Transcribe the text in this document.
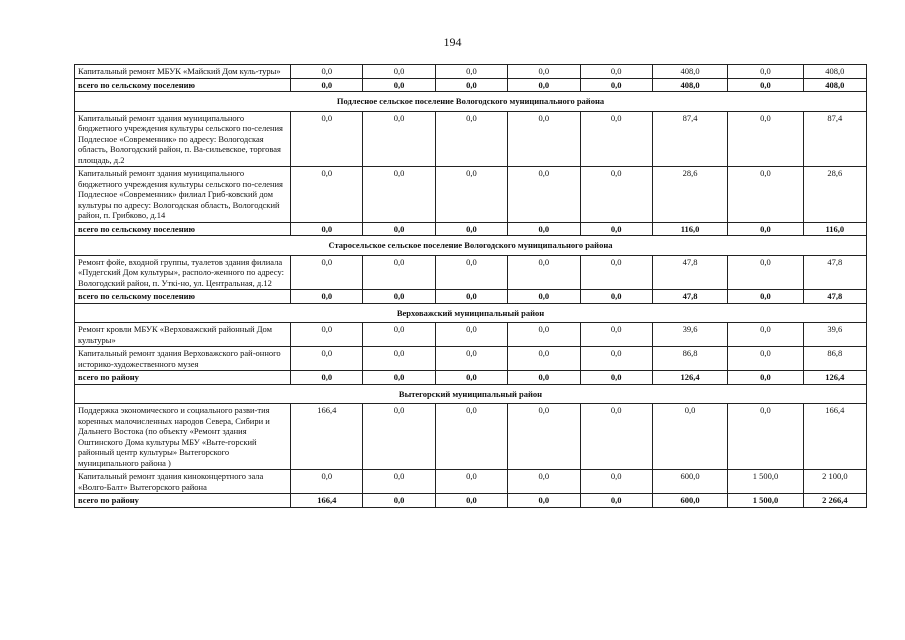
194
Капитальный ремонт МБУК «Майский Дом куль-туры»	0,0	0,0	0,0	0,0	0,0	408,0	0,0	408,0
всего по сельскому поселению	0,0	0,0	0,0	0,0	0,0	408,0	0,0	408,0
Подлесное сельское поселение Вологодского муниципального района								
Капитальный ремонт здания муниципального бюджетного учреждения культуры сельского по-селения Подлесное «Современник» по адресу: Вологодская область, Вологодский район, п. Ва-сильевское, торговая площадь, д.2	0,0	0,0	0,0	0,0	0,0	87,4	0,0	87,4
Капитальный ремонт здания муниципального бюджетного учреждения культуры сельского по-селения Подлесное «Современник» филиал Гриб-ковский дом культуры по адресу: Вологодская область, Вологодский район, п. Грибково, д.14	0,0	0,0	0,0	0,0	0,0	28,6	0,0	28,6
всего по сельскому поселению	0,0	0,0	0,0	0,0	0,0	116,0	0,0	116,0
Старосельское сельское поселение Вологодского муниципального района								
Ремонт фойе, входной группы, туалетов здания филиала «Пудегский Дом культуры», располо-женного по адресу: Вологодский район, п. Уткі-но, ул. Центральная, д.12	0,0	0,0	0,0	0,0	0,0	47,8	0,0	47,8
всего по сельскому поселению	0,0	0,0	0,0	0,0	0,0	47,8	0,0	47,8
Верховажский муниципальный район								
Ремонт кровли МБУК «Верховажский районный Дом культуры»	0,0	0,0	0,0	0,0	0,0	39,6	0,0	39,6
Капитальный ремонт здания Верховажского рай-онного историко-художественного музея	0,0	0,0	0,0	0,0	0,0	86,8	0,0	86,8
всего по району	0,0	0,0	0,0	0,0	0,0	126,4	0,0	126,4
Вытегорский муниципальный район								
Поддержка экономического и социального разви-тия коренных малочисленных народов Севера, Сибири и Дальнего Востока (по объекту «Ремонт здания Оштинского Дома культуры МБУ «Выте-горский районный центр культуры» Вытегорского муниципального района )	166,4	0,0	0,0	0,0	0,0	0,0	0,0	166,4
Капитальный ремонт здания киноконцертного зала «Волго-Балт» Вытегорского района	0,0	0,0	0,0	0,0	0,0	600,0	1 500,0	2 100,0
всего по району	166,4	0,0	0,0	0,0	0,0	600,0	1 500,0	2 266,4
